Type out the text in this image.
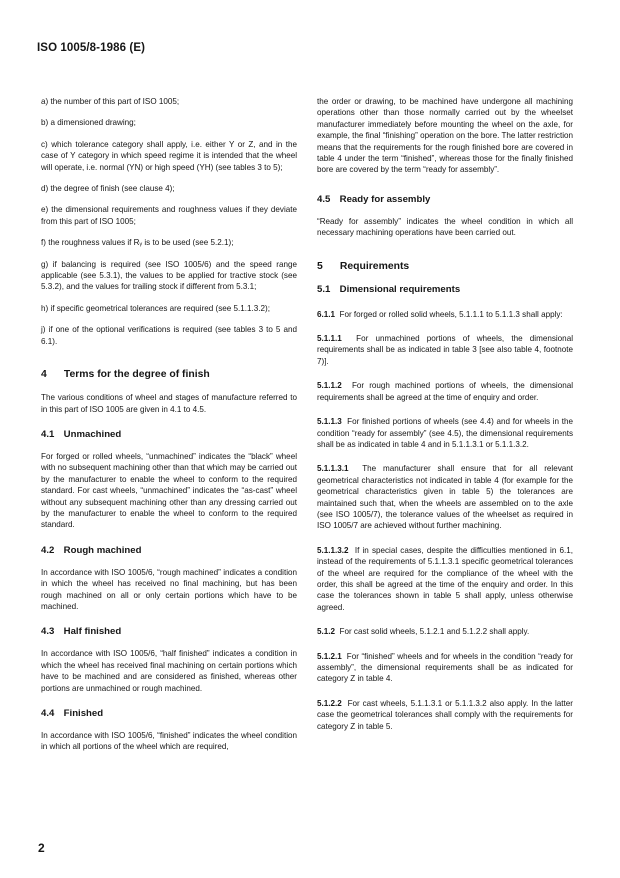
ISO 1005/8-1986 (E)

a) the number of this part of ISO 1005;

b) a dimensioned drawing;

c) which tolerance category shall apply, i.e. either Y or Z, and in the case of Y category in which speed regime it is intended that the wheel will operate, i.e. normal (YN) or high speed (YH) (see tables 3 to 5);

d) the degree of finish (see clause 4);

e) the dimensional requirements and roughness values if they deviate from this part of ISO 1005;

f) the roughness values if Rᵧ is to be used (see 5.2.1);

g) if balancing is required (see ISO 1005/6) and the speed range applicable (see 5.3.1), the values to be applied for tractive stock (see 5.3.2), and the values for trailing stock if different from 5.3.1;

h) if specific geometrical tolerances are required (see 5.1.1.3.2);

j) if one of the optional verifications is required (see tables 3 to 5 and 6.1).

4 Terms for the degree of finish

The various conditions of wheel and stages of manufacture referred to in this part of ISO 1005 are given in 4.1 to 4.5.

4.1 Unmachined

For forged or rolled wheels, “unmachined” indicates the “black” wheel with no subsequent machining other than that which may be carried out by the manufacturer to enable the wheel to conform to the required standard. For cast wheels, “unmachined” indicates the “as-cast” wheel without any subsequent machining other than any dressing carried out by the manufacturer to enable the wheel to conform to the required standard.

4.2 Rough machined

In accordance with ISO 1005/6, “rough machined” indicates a condition in which the wheel has received no final machining, but has been rough machined on all or only certain portions which have to be machined.

4.3 Half finished

In accordance with ISO 1005/6, “half finished” indicates a condition in which the wheel has received final machining on certain portions which have to be machined and are considered as finished, whereas other portions are unmachined or rough machined.

4.4 Finished

In accordance with ISO 1005/6, “finished” indicates the wheel condition in which all portions of the wheel which are required,

the order or drawing, to be machined have undergone all machining operations other than those normally carried out by the wheelset manufacturer immediately before mounting the wheel on the axle, for example, the final “finishing” operation on the bore. The latter restriction means that the requirements for the rough finished bore are covered in table 4 under the term “finished”, whereas those for the finally finished bore are covered by the term “ready for assembly”.

4.5 Ready for assembly

“Ready for assembly” indicates the wheel condition in which all necessary machining operations have been carried out.

5 Requirements
5.1 Dimensional requirements

6.1.1 For forged or rolled solid wheels, 5.1.1.1 to 5.1.1.3 shall apply:

5.1.1.1 For unmachined portions of wheels, the dimensional requirements shall be as indicated in table 3 [see also table 4, footnote 7)].

5.1.1.2 For rough machined portions of wheels, the dimensional requirements shall be agreed at the time of enquiry and order.

5.1.1.3 For finished portions of wheels (see 4.4) and for wheels in the condition “ready for assembly” (see 4.5), the dimensional requirements shall be as indicated in table 4 and in 5.1.1.3.1 or 5.1.1.3.2.

5.1.1.3.1 The manufacturer shall ensure that for all relevant geometrical characteristics not indicated in table 4 (for example for the geometrical characteristics given in table 5) the tolerances are maintained such that, when the wheels are assembled on to the axle (see ISO 1005/7), the tolerance values of the wheelset as required in ISO 1005/7 are achieved without further machining.

5.1.1.3.2 If in special cases, despite the difficulties mentioned in 6.1, instead of the requirements of 5.1.1.3.1 specific geometrical tolerances of the wheel are required for the compliance of the wheel with the order, this shall be agreed at the time of the enquiry and order. In this case the tolerances shown in table 5 shall apply, unless otherwise agreed.

5.1.2 For cast solid wheels, 5.1.2.1 and 5.1.2.2 shall apply.

5.1.2.1 For “finished” wheels and for wheels in the condition “ready for assembly”, the dimensional requirements shall be as indicated for category Z in table 4.

5.1.2.2 For cast wheels, 5.1.1.3.1 or 5.1.1.3.2 also apply. In the latter case the geometrical tolerances shall comply with the requirements for category Z in table 5.

2
